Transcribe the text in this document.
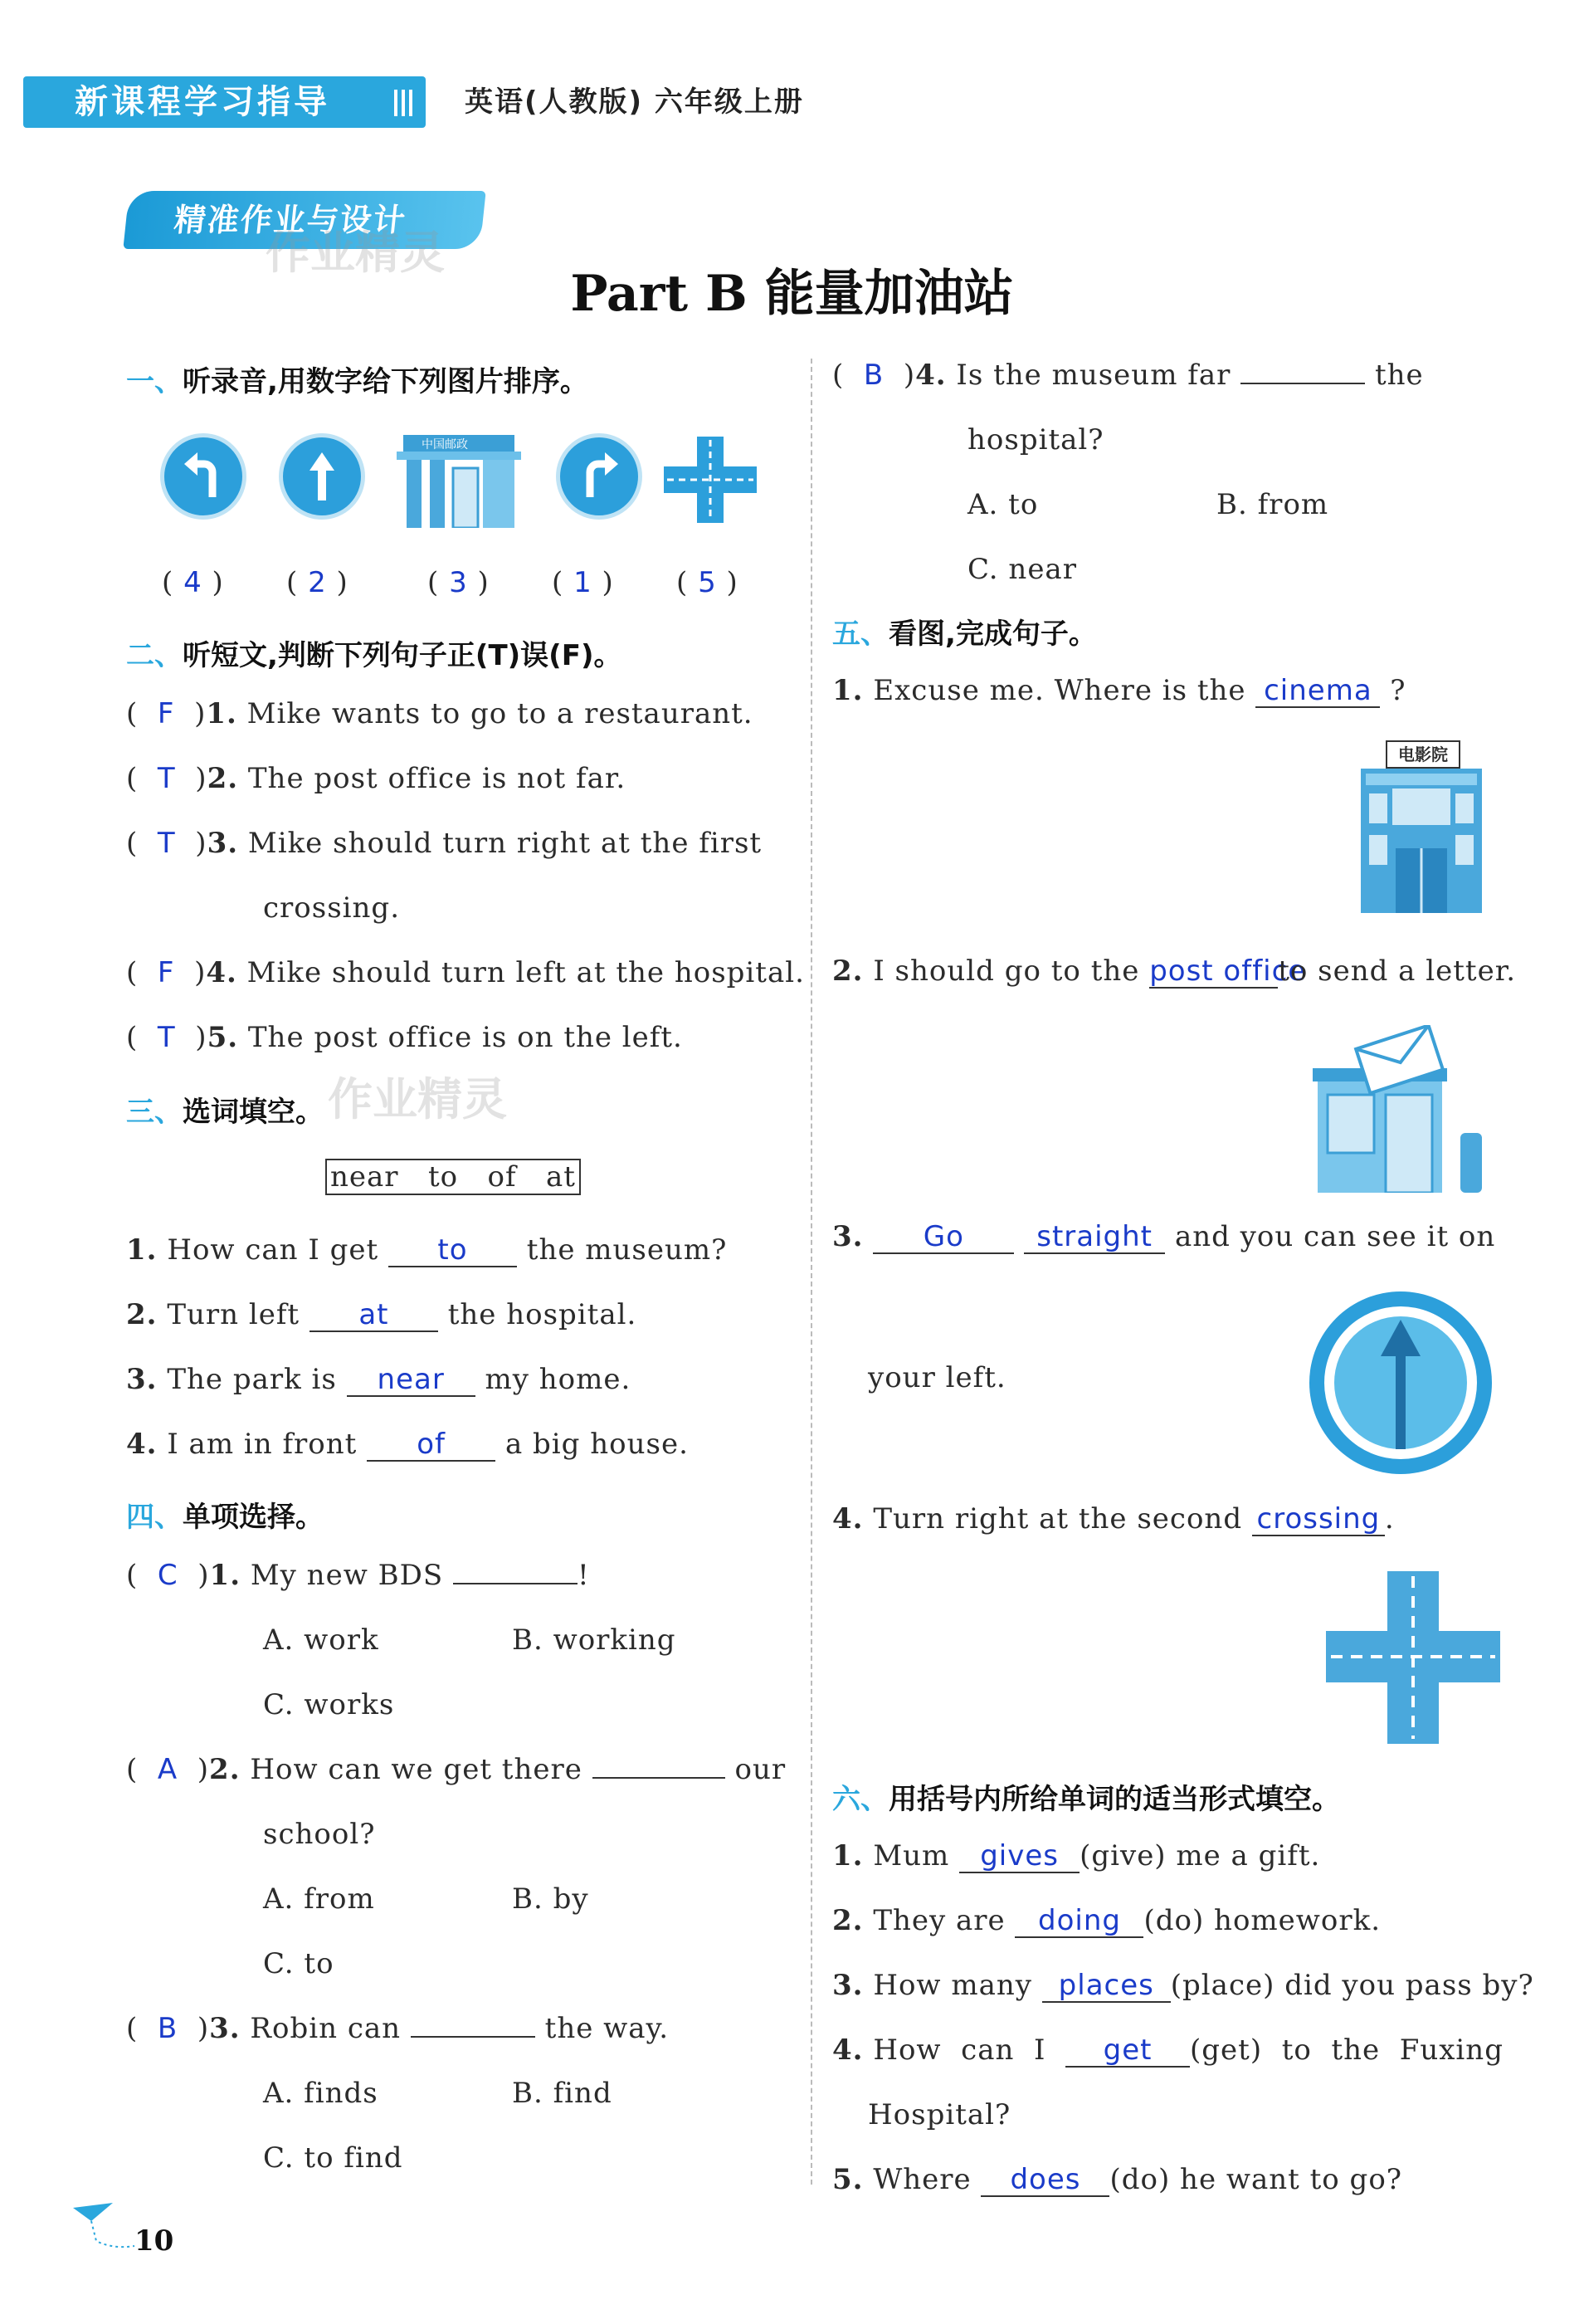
新课程学习指导	英语(人教版) 六年级上册
精准作业与设计
作业精灵
Part B 能量加油站
一、听录音,用数字给下列图片排序。
中国邮政
( 4 ) ( 2 )	( 3 ) ( 1 ) ( 5 )
二、听短文,判断下列句子正(T)误(F)。
(  F  )1. Mike wants to go to a restaurant.
(  T  )2. The post office is not far.
(  T  )3. Mike should turn right at the first
crossing.
(  F  )4. Mike should turn left at the hospital.
(  T  )5. The post office is on the left.
三、选词填空。 作业精灵
near   to   of   at
1. How can I get to the museum?
2. Turn left at the hospital.
3. The park is near my home.
4. I am in front of a big house.
四、单项选择。
(  C  )1. My new BDS	!
A. work	B. working
C. works
(  A  )2. How can we get there	our
school?
A. from	B. by
C. to
(  B  )3. Robin can	the way.
A. finds	B. find
C. to find
(  B  )4. Is the museum far	the
hospital?
A. to	B. from
C. near
五、看图,完成句子。
1. Excuse me. Where is the cinema ?
电影院
2. I should go to the post officeto send a letter.
3. Go	straight and you can see it on
your left.
4. Turn right at the second crossing .
六、用括号内所给单词的适当形式填空。
1. Mum gives (give) me a gift.
2. They are doing (do) homework.
3. How many places (place) did you pass by?
4. How  can  I get (get)  to  the  Fuxing
Hospital?
5. Where does (do) he want to go?
10
